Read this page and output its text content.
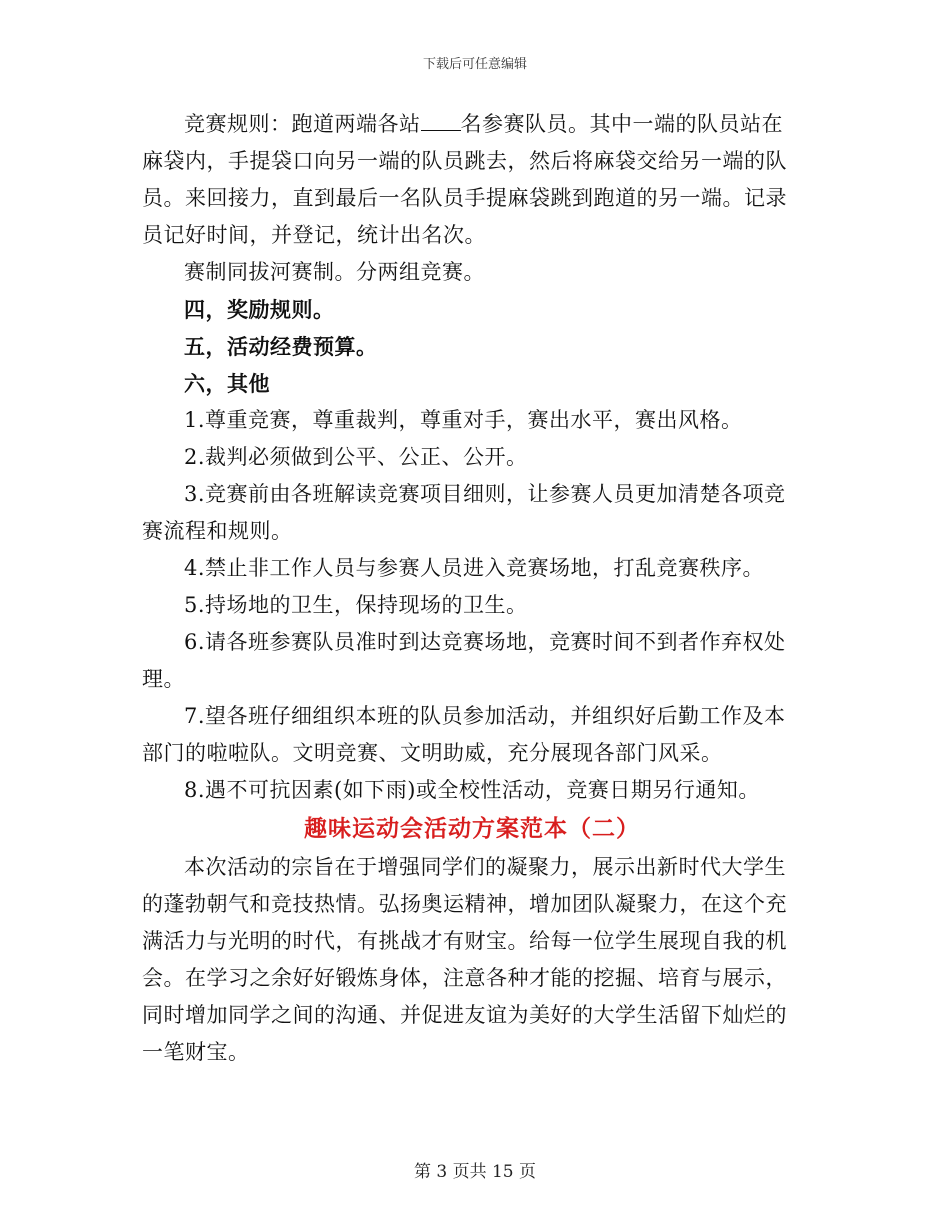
下载后可任意编辑

竞赛规则：跑道两端各站 名参赛队员。其中一端的队员站在麻袋内，手提袋口向另一端的队员跳去，然后将麻袋交给另一端的队员。来回接力，直到最后一名队员手提麻袋跳到跑道的另一端。记录员记好时间，并登记，统计出名次。

赛制同拔河赛制。分两组竞赛。

四，奖励规则。

五，活动经费预算。

六，其他

1.尊重竞赛，尊重裁判，尊重对手，赛出水平，赛出风格。

2.裁判必须做到公平、公正、公开。

3.竞赛前由各班解读竞赛项目细则，让参赛人员更加清楚各项竞赛流程和规则。

4.禁止非工作人员与参赛人员进入竞赛场地，打乱竞赛秩序。

5.持场地的卫生，保持现场的卫生。

6.请各班参赛队员准时到达竞赛场地，竞赛时间不到者作弃权处理。

7.望各班仔细组织本班的队员参加活动，并组织好后勤工作及本部门的啦啦队。文明竞赛、文明助威，充分展现各部门风采。

8.遇不可抗因素(如下雨)或全校性活动，竞赛日期另行通知。

趣味运动会活动方案范本（二）

本次活动的宗旨在于增强同学们的凝聚力，展示出新时代大学生的蓬勃朝气和竞技热情。弘扬奥运精神，增加团队凝聚力，在这个充满活力与光明的时代，有挑战才有财宝。给每一位学生展现自我的机会。在学习之余好好锻炼身体，注意各种才能的挖掘、培育与展示，同时增加同学之间的沟通、并促进友谊为美好的大学生活留下灿烂的一笔财宝。

第 3 页共 15 页
